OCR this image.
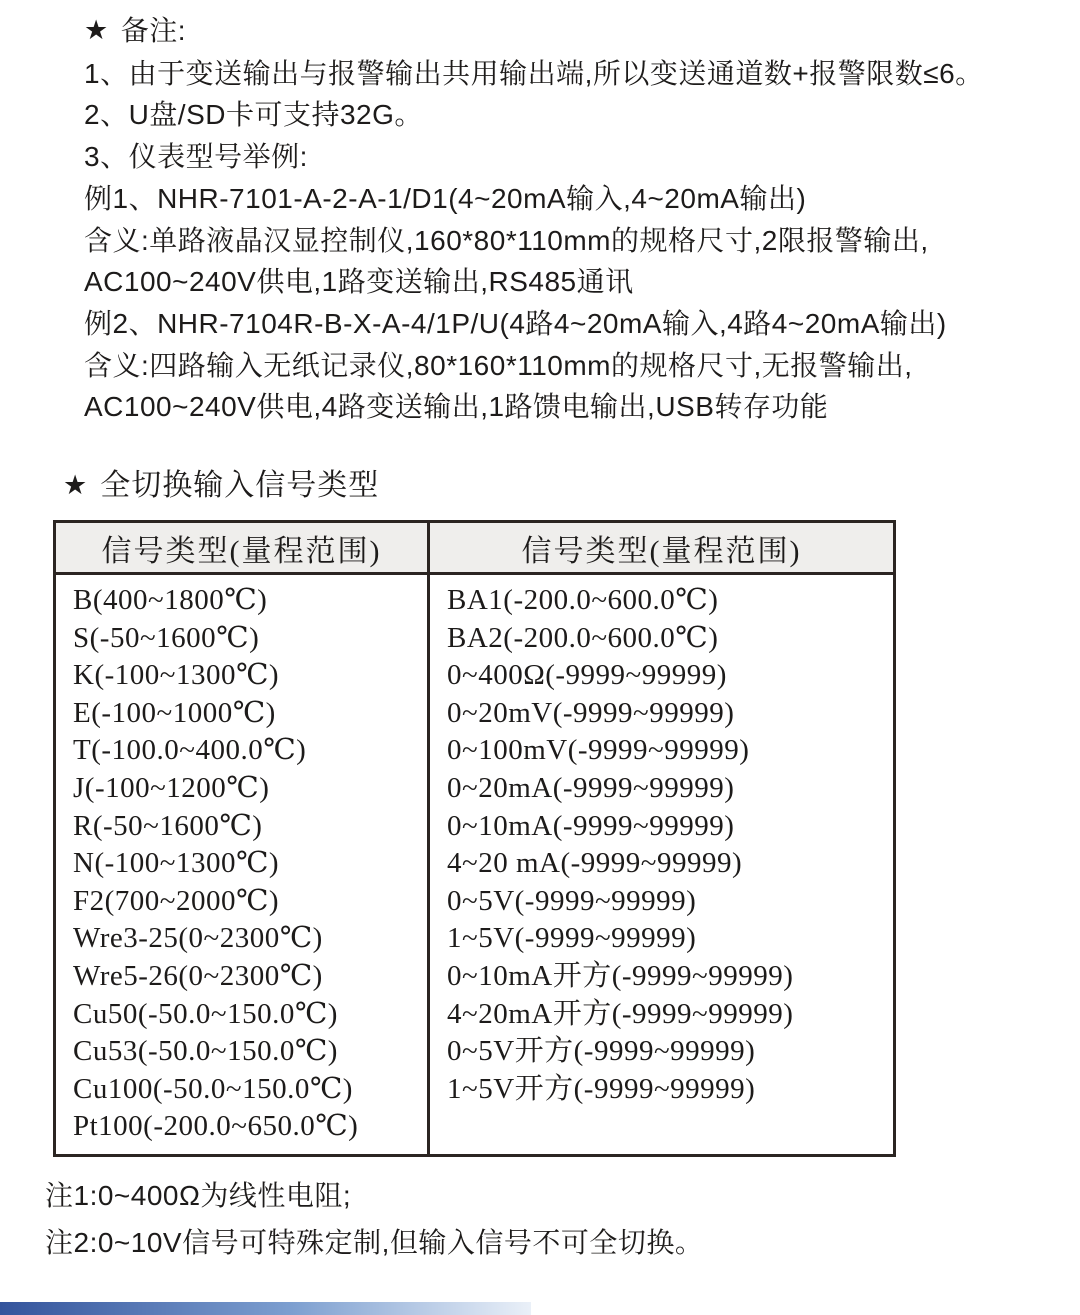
★ 备注:
1、由于变送输出与报警输出共用输出端,所以变送通道数+报警限数≤6。
2、U盘/SD卡可支持32G。
3、仪表型号举例:
例1、NHR-7101-A-2-A-1/D1(4~20mA输入,4~20mA输出)
含义:单路液晶汉显控制仪,160*80*110mm的规格尺寸,2限报警输出,
AC100~240V供电,1路变送输出,RS485通讯
例2、NHR-7104R-B-X-A-4/1P/U(4路4~20mA输入,4路4~20mA输出)
含义:四路输入无纸记录仪,80*160*110mm的规格尺寸,无报警输出,
AC100~240V供电,4路变送输出,1路馈电输出,USB转存功能
★ 全切换输入信号类型
信号类型(量程范围)	信号类型(量程范围)

B(400~1800℃)
S(-50~1600℃)
K(-100~1300℃)
E(-100~1000℃)
T(-100.0~400.0℃)
J(-100~1200℃)
R(-50~1600℃)
N(-100~1300℃)
F2(700~2000℃)
Wre3-25(0~2300℃)
Wre5-26(0~2300℃)
Cu50(-50.0~150.0℃)
Cu53(-50.0~150.0℃)
Cu100(-50.0~150.0℃)
Pt100(-200.0~650.0℃)

BA1(-200.0~600.0℃)
BA2(-200.0~600.0℃)
0~400Ω(-9999~99999)
0~20mV(-9999~99999)
0~100mV(-9999~99999)
0~20mA(-9999~99999)
0~10mA(-9999~99999)
4~20 mA(-9999~99999)
0~5V(-9999~99999)
1~5V(-9999~99999)
0~10mA开方(-9999~99999)
4~20mA开方(-9999~99999)
0~5V开方(-9999~99999)
1~5V开方(-9999~99999)
注1:0~400Ω为线性电阻;
注2:0~10V信号可特殊定制,但输入信号不可全切换。
